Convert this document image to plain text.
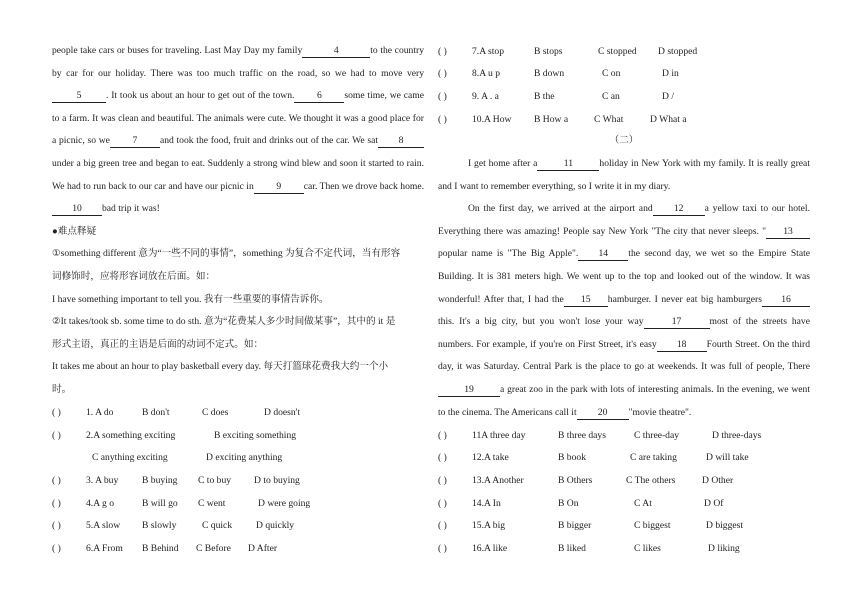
people take cars or buses for traveling. Last May Day my family	4	to the country by car for our holiday. There was too much traffic on the road, so we had to move very5	. It took us about an hour to get out of the town. 6 some time, we came to a farm. It was clean and beautiful. The animals were cute. We thought it was a good place for a picnic, so we 7 and took the food, fruit and drinks out of the car. We sat 8under a big green tree and began to eat. Suddenly a strong wind blew and soon it started to rain. We had to run back to our car and have our picnic in 9 car. Then we drove back home.10 bad trip it was!

●难点释疑

①something different 意为“一些不同的事情”，something 为复合不定代词，当有形容

词修饰时，应将形容词放在后面。如：

I have something important to tell you. 我有一些重要的事情告诉你。

②It takes/took sb. some time to do sth. 意为“花费某人多少时间做某事”，其中的 it 是

形式主语，真正的主语是后面的动词不定式。如：

It takes me about an hour to play basketball every day. 每天打篮球花费我大约一个小

时。

( )	1. A do	B don't	C does	D doesn't
( )	2.A something exciting	B exciting something
C anything exciting	D exciting anything
( )	3. A buy	B buying	C to buy	D to buying
( )	4.A g o	B will go	C went	D were going
( )	5.A slow	B slowly	C quick	D quickly
( )	6.A From	B Behind	C Before	D After
( )	7.A stop	B stops	C stopped	D stopped
( )	8.A u p	B down	C on	D in
( )	9. A . a	B the	C an	D /
( )	10.A How	B How a	C What	D What a

（二）

I get home after a	11	holiday in New York with my family. It is really great and I want to remember everything, so I write it in my diary.
On the first day, we arrived at the airport and 12 a yellow taxi to our hotel. Everything there was amazing! People say New York "The city that never sleeps. " 13popular name is "The Big Apple". 14 the second day, we wet so the Empire State Building. It is 381 meters high. We went up to the top and looked out of the window. It was wonderful! After that, I had the 15 hamburger. I never eat big hamburgers 16this. It's a big city, but you won't lose your way	17	most of the streets have numbers. For example, if you're on First Street, it's easy 18 Fourth Street. On the third day, it was Saturday. Central Park is the place to go at weekends. It was full of people, There19	a great zoo in the park with lots of interesting animals. In the evening, we went to the cinema. The Americans call it 20 "movie theatre".

( )	11A three day	B three days	C three-day	D three-days
( )	12.A take	B book	C are taking	D will take
( )	13.A Another	B Others	C The others	D Other
( )	14.A In	B On	C At	D Of
( )	15.A big	B bigger	C biggest	D biggest
( )	16.A like	B liked	C likes	D liking
